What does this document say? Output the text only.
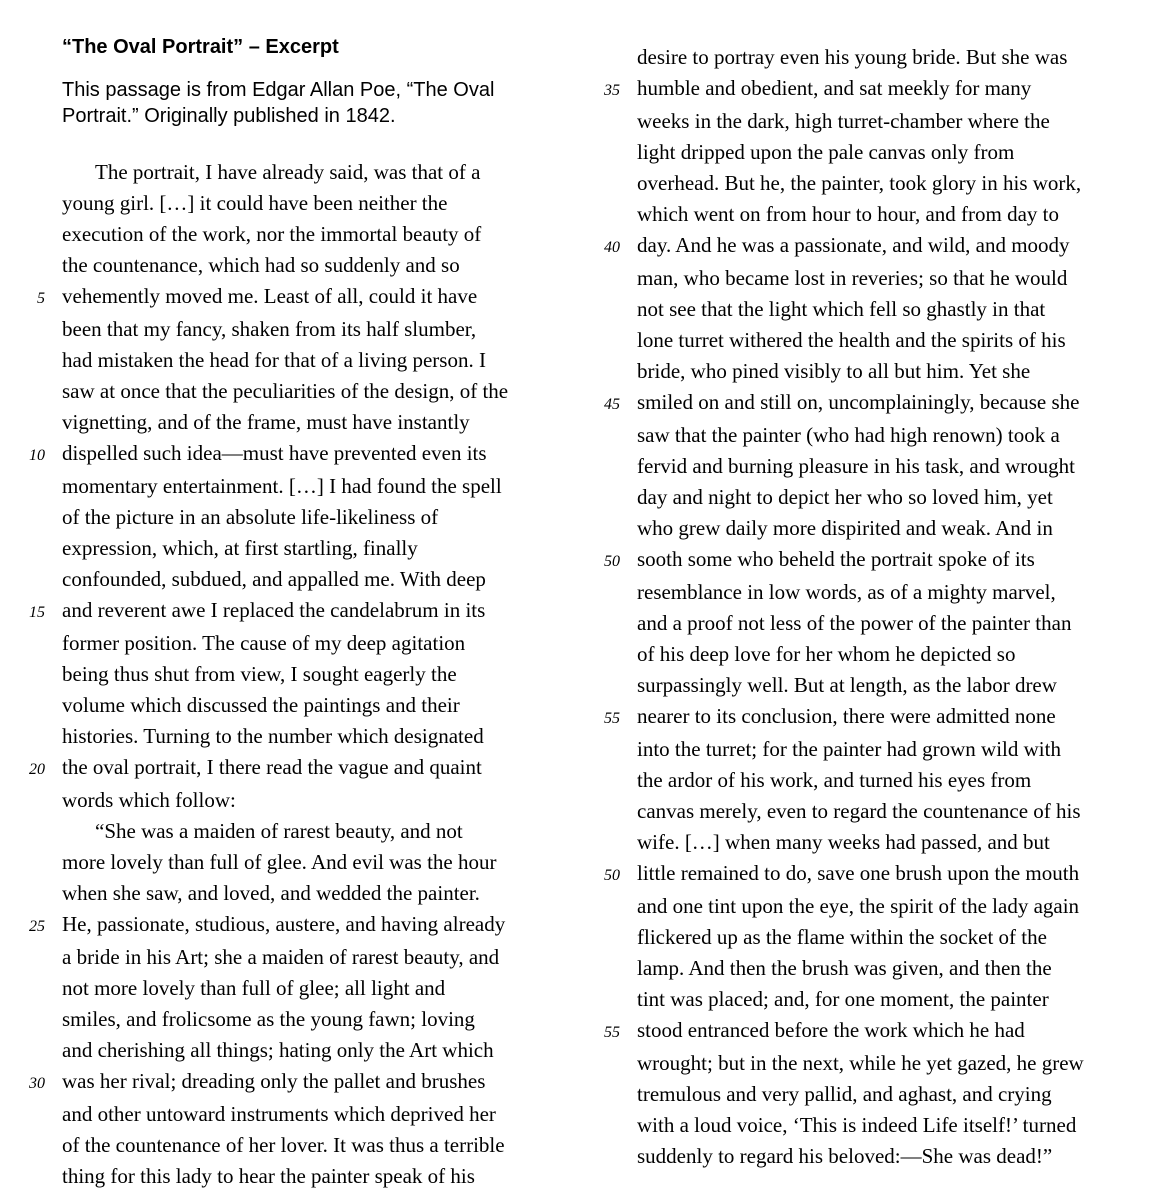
“The Oval Portrait” – Excerpt

This passage is from Edgar Allan Poe, “The Oval Portrait.” Originally published in 1842.

The portrait, I have already said, was that of a
young girl. […] it could have been neither the
execution of the work, nor the immortal beauty of
the countenance, which had so suddenly and so
5 vehemently moved me. Least of all, could it have
been that my fancy, shaken from its half slumber,
had mistaken the head for that of a living person. I
saw at once that the peculiarities of the design, of the
vignetting, and of the frame, must have instantly
10 dispelled such idea—must have prevented even its
momentary entertainment. […] I had found the spell
of the picture in an absolute life-likeliness of
expression, which, at first startling, finally
confounded, subdued, and appalled me. With deep
15 and reverent awe I replaced the candelabrum in its
former position. The cause of my deep agitation
being thus shut from view, I sought eagerly the
volume which discussed the paintings and their
histories. Turning to the number which designated
20 the oval portrait, I there read the vague and quaint
words which follow:
“She was a maiden of rarest beauty, and not
more lovely than full of glee. And evil was the hour
when she saw, and loved, and wedded the painter.
25 He, passionate, studious, austere, and having already
a bride in his Art; she a maiden of rarest beauty, and
not more lovely than full of glee; all light and
smiles, and frolicsome as the young fawn; loving
and cherishing all things; hating only the Art which
30 was her rival; dreading only the pallet and brushes
and other untoward instruments which deprived her
of the countenance of her lover. It was thus a terrible
thing for this lady to hear the painter speak of his
desire to portray even his young bride. But she was
35 humble and obedient, and sat meekly for many
weeks in the dark, high turret-chamber where the
light dripped upon the pale canvas only from
overhead. But he, the painter, took glory in his work,
which went on from hour to hour, and from day to
40 day. And he was a passionate, and wild, and moody
man, who became lost in reveries; so that he would
not see that the light which fell so ghastly in that
lone turret withered the health and the spirits of his
bride, who pined visibly to all but him. Yet she
45 smiled on and still on, uncomplainingly, because she
saw that the painter (who had high renown) took a
fervid and burning pleasure in his task, and wrought
day and night to depict her who so loved him, yet
who grew daily more dispirited and weak. And in
50 sooth some who beheld the portrait spoke of its
resemblance in low words, as of a mighty marvel,
and a proof not less of the power of the painter than
of his deep love for her whom he depicted so
surpassingly well. But at length, as the labor drew
55 nearer to its conclusion, there were admitted none
into the turret; for the painter had grown wild with
the ardor of his work, and turned his eyes from
canvas merely, even to regard the countenance of his
wife. […] when many weeks had passed, and but
50 little remained to do, save one brush upon the mouth
and one tint upon the eye, the spirit of the lady again
flickered up as the flame within the socket of the
lamp. And then the brush was given, and then the
tint was placed; and, for one moment, the painter
55 stood entranced before the work which he had
wrought; but in the next, while he yet gazed, he grew
tremulous and very pallid, and aghast, and crying
with a loud voice, ‘This is indeed Life itself!’ turned
suddenly to regard his beloved:—She was dead!”
